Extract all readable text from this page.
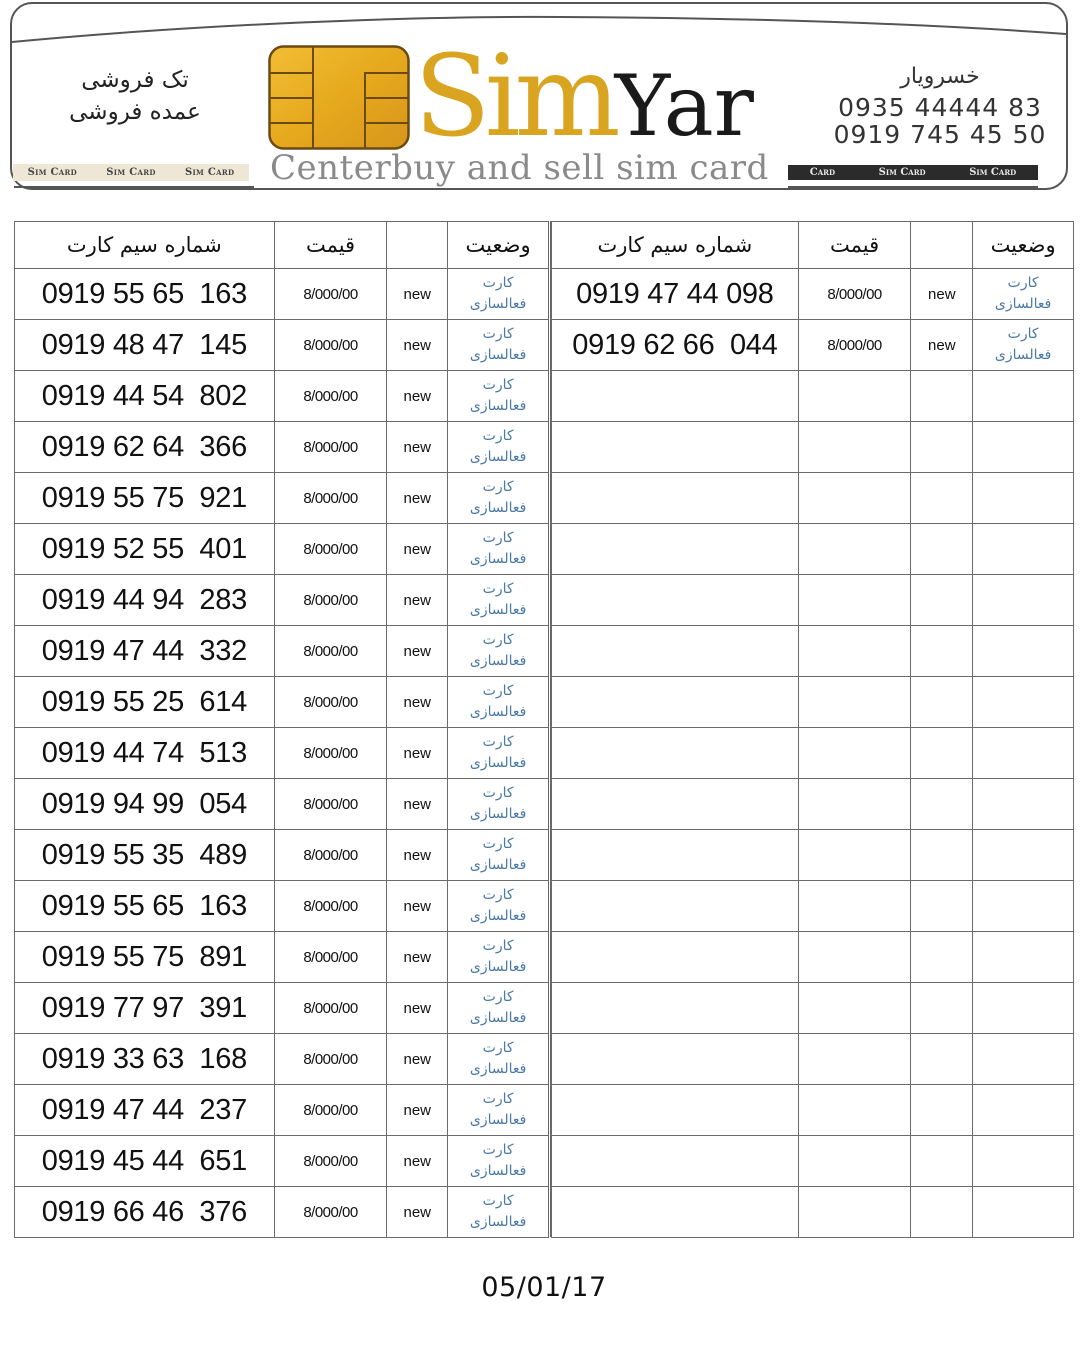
تک فروشی
عمده فروشی
Sim Card	Sim Card	Sim Card
SimYar
Centerbuy and sell sim card
خسرویار
0935 44444 83
0919 745 45 50
Card	Sim Card	Sim Card
شماره سیم کارت	قیمت		وضعیت
0919 55 65  163	8/000/00	new	کارت
فعالسازی

0919 48 47  145	8/000/00	new	کارت
فعالسازی

0919 44 54  802	8/000/00	new	کارت
فعالسازی

0919 62 64  366	8/000/00	new	کارت
فعالسازی

0919 55 75  921	8/000/00	new	کارت
فعالسازی

0919 52 55  401	8/000/00	new	کارت
فعالسازی

0919 44 94  283	8/000/00	new	کارت
فعالسازی

0919 47 44  332	8/000/00	new	کارت
فعالسازی

0919 55 25  614	8/000/00	new	کارت
فعالسازی

0919 44 74  513	8/000/00	new	کارت
فعالسازی

0919 94 99  054	8/000/00	new	کارت
فعالسازی

0919 55 35  489	8/000/00	new	کارت
فعالسازی

0919 55 65  163	8/000/00	new	کارت
فعالسازی

0919 55 75  891	8/000/00	new	کارت
فعالسازی

0919 77 97  391	8/000/00	new	کارت
فعالسازی

0919 33 63  168	8/000/00	new	کارت
فعالسازی

0919 47 44  237	8/000/00	new	کارت
فعالسازی

0919 45 44  651	8/000/00	new	کارت
فعالسازی

0919 66 46  376	8/000/00	new	کارت
فعالسازی
شماره سیم کارت	قیمت		وضعیت
0919 47 44 098	8/000/00	new	کارت
فعالسازی

0919 62 66  044	8/000/00	new	کارت
فعالسازی

05/01/17
